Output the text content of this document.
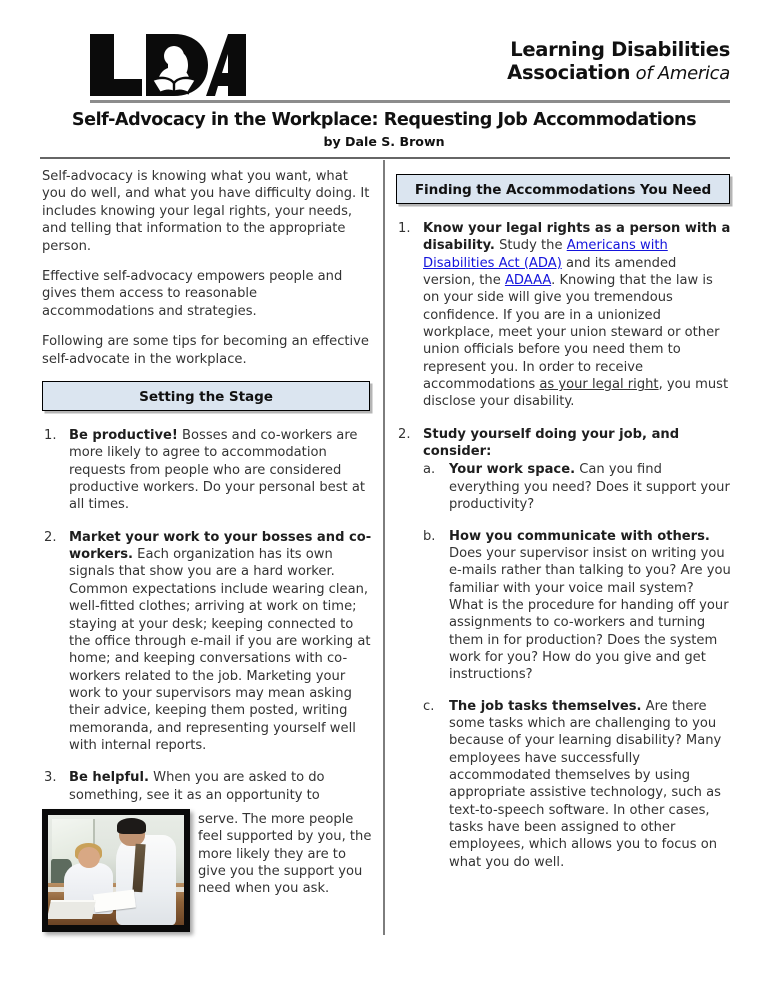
Learning Disabilities
Association of America
Self-Advocacy in the Workplace: Requesting Job Accommodations
by Dale S. Brown

Self-advocacy is knowing what you want, what you do well, and what you have difficulty doing. It includes knowing your legal rights, your needs, and telling that information to the appropriate person.

Effective self-advocacy empowers people and gives them access to reasonable accommodations and strategies.

Following are some tips for becoming an effective self-advocate in the workplace.

Setting the Stage
1. Be productive! Bosses and co-workers are more likely to agree to accommodation requests from people who are considered productive workers. Do your personal best at all times.
2. Market your work to your bosses and co-workers. Each organization has its own signals that show you are a hard worker. Common expectations include wearing clean, well-fitted clothes; arriving at work on time; staying at your desk; keeping connected to the office through e-mail if you are working at home; and keeping conversations with co-workers related to the job. Marketing your work to your supervisors may mean asking their advice, keeping them posted, writing memoranda, and representing yourself well with internal reports.
3. Be helpful. When you are asked to do something, see it as an opportunity to
serve. The more people feel supported by you, the more likely they are to give you the support you need when you ask.
Finding the Accommodations You Need
1. Know your legal rights as a person with a disability. Study the Americans with Disabilities Act (ADA) and its amended version, the ADAAA. Knowing that the law is on your side will give you tremendous confidence. If you are in a unionized workplace, meet your union steward or other union officials before you need them to represent you. In order to receive accommodations as your legal right, you must disclose your disability.
2. Study yourself doing your job, and consider:
a.	Your work space. Can you find everything you need? Does it support your productivity?
b.	How you communicate with others. Does your supervisor insist on writing you e-mails rather than talking to you? Are you familiar with your voice mail system? What is the procedure for handing off your assignments to co-workers and turning them in for production? Does the system work for you? How do you give and get instructions?
c.	The job tasks themselves. Are there some tasks which are challenging to you because of your learning disability? Many employees have successfully accommodated themselves by using appropriate assistive technology, such as text-to-speech software. In other cases, tasks have been assigned to other employees, which allows you to focus on what you do well.
